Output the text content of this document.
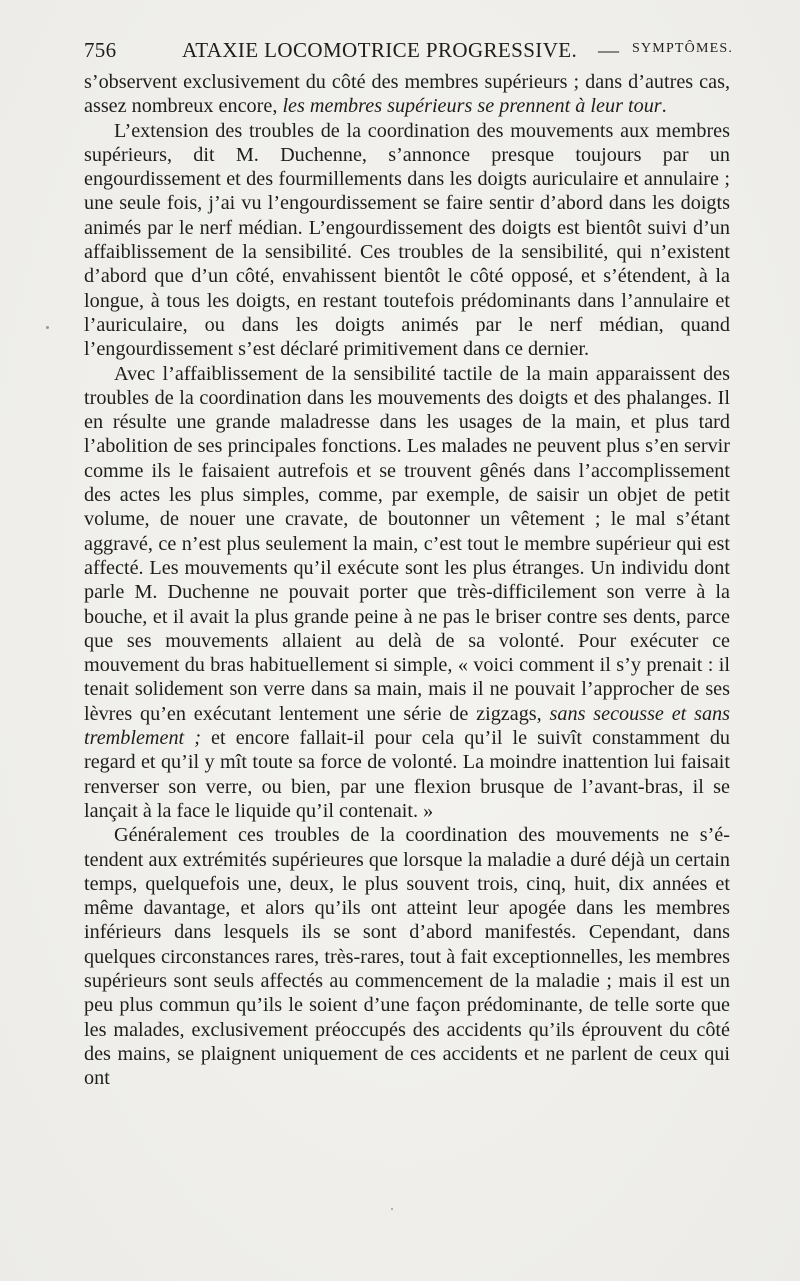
756	ATAXIE LOCOMOTRICE PROGRESSIVE. — SYMPTÔMES.

s’observent exclusivement du côté des membres supérieurs ; dans d’autres cas, assez nombreux encore, les membres supérieurs se prennent à leur tour.

L’extension des troubles de la coordination des mouvements aux membres supérieurs, dit M. Duchenne, s’annonce presque toujours par un engourdissement et des fourmillements dans les doigts auriculaire et annulaire ; une seule fois, j’ai vu l’engourdissement se faire sentir d’abord dans les doigts animés par le nerf médian. L’engourdissement des doigts est bientôt suivi d’un affaiblissement de la sensibilité. Ces troubles de la sensibilité, qui n’existent d’abord que d’un côté, envahissent bientôt le côté opposé, et s’étendent, à la longue, à tous les doigts, en restant toutefois prédominants dans l’annulaire et l’auriculaire, ou dans les doigts animés par le nerf médian, quand l’engourdissement s’est déclaré primitivement dans ce dernier.

Avec l’affaiblissement de la sensibilité tactile de la main apparaissent des troubles de la coordination dans les mouvements des doigts et des phalanges. Il en résulte une grande maladresse dans les usages de la main, et plus tard l’abolition de ses principales fonctions. Les malades ne peuvent plus s’en servir comme ils le faisaient autrefois et se trouvent gênés dans l’accomplissement des actes les plus simples, comme, par exemple, de saisir un objet de petit volume, de nouer une cravate, de boutonner un vêtement ; le mal s’étant aggravé, ce n’est plus seulement la main, c’est tout le membre supérieur qui est affecté. Les mouvements qu’il exécute sont les plus étranges. Un individu dont parle M. Duchenne ne pouvait porter que très-difficilement son verre à la bouche, et il avait la plus grande peine à ne pas le briser contre ses dents, parce que ses mouvements allaient au delà de sa volonté. Pour exécuter ce mouvement du bras habituellement si simple, « voici comment il s’y prenait : il tenait solidement son verre dans sa main, mais il ne pouvait l’approcher de ses lèvres qu’en exécutant lentement une série de zigzags, sans secousse et sans tremblement ; et encore fallait-il pour cela qu’il le suivît constamment du regard et qu’il y mît toute sa force de volonté. La moindre inattention lui faisait renverser son verre, ou bien, par une flexion brusque de l’avant-bras, il se lançait à la face le liquide qu’il contenait. »

Généralement ces troubles de la coordination des mouvements ne s’étendent aux extrémités supérieures que lorsque la maladie a duré déjà un certain temps, quelquefois une, deux, le plus souvent trois, cinq, huit, dix années et même davantage, et alors qu’ils ont atteint leur apogée dans les membres inférieurs dans lesquels ils se sont d’abord manifestés. Cependant, dans quelques circonstances rares, très-rares, tout à fait exceptionnelles, les membres supérieurs sont seuls affectés au commencement de la maladie ; mais il est un peu plus commun qu’ils le soient d’une façon prédominante, de telle sorte que les malades, exclusivement préoccupés des accidents qu’ils éprouvent du côté des mains, se plaignent uniquement de ces accidents et ne parlent de ceux qui ont
